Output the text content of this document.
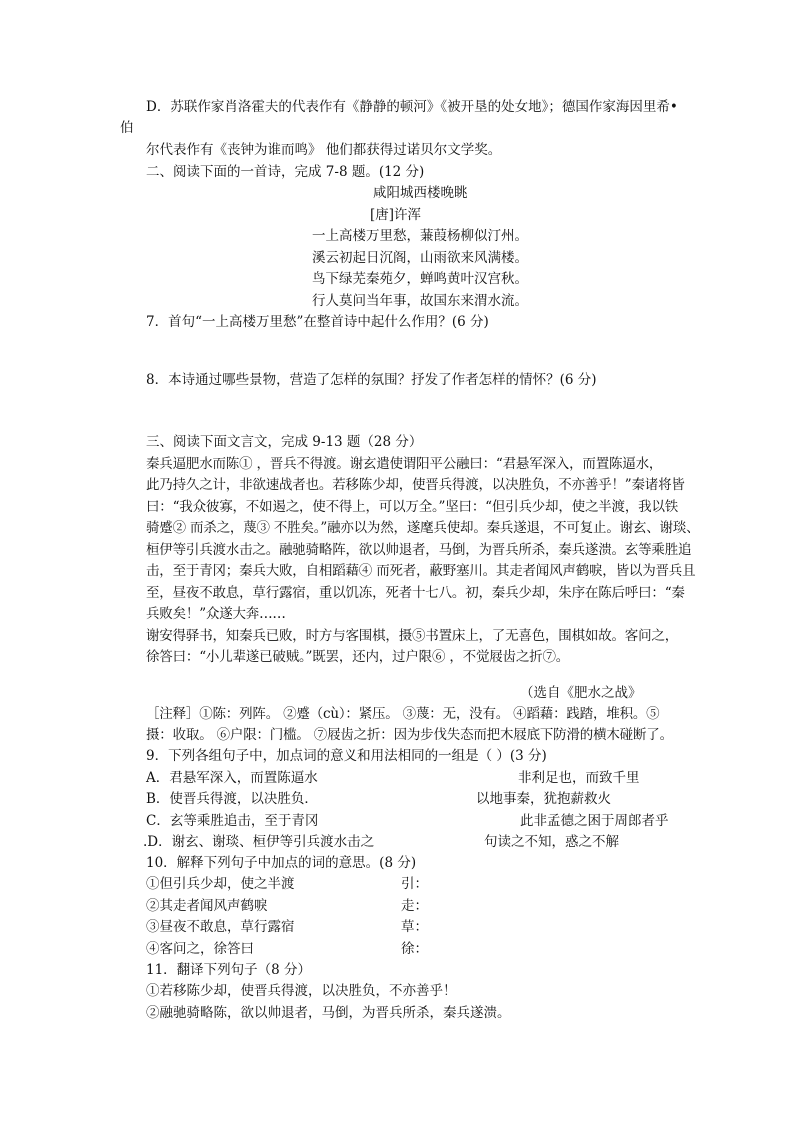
D．苏联作家肖洛霍夫的代表作有《静静的顿河》《被开垦的处女地》；德国作家海因里希•
伯
尔代表作有《丧钟为谁而鸣》 他们都获得过诺贝尔文学奖。
二、阅读下面的一首诗，完成 7-8 题。(12 分)
咸阳城西楼晚眺
[唐]许浑
一上高楼万里愁，蒹葭杨柳似汀州。
溪云初起日沉阁，山雨欲来风满楼。
鸟下绿芜秦苑夕，蝉鸣黄叶汉宫秋。
行人莫问当年事，故国东来渭水流。
7．首句“一上高楼万里愁”在整首诗中起什么作用？(6 分)
8．本诗通过哪些景物，营造了怎样的氛围？抒发了作者怎样的情怀？(6 分)
三、阅读下面文言文，完成 9-13 题（28 分）
秦兵逼肥水而陈① ，晋兵不得渡。谢玄遣使谓阳平公融曰：“君悬军深入，而置陈逼水，
此乃持久之计，非欲速战者也。若移陈少却，使晋兵得渡，以决胜负，不亦善乎！”秦诸将皆
曰：“我众彼寡，不如遏之，使不得上，可以万全。”坚曰：“但引兵少却，使之半渡，我以铁
骑蹙② 而杀之，蔑③ 不胜矣。”融亦以为然，遂麾兵使却。秦兵遂退，不可复止。谢玄、谢琰、
桓伊等引兵渡水击之。融驰骑略阵，欲以帅退者，马倒，为晋兵所杀，秦兵遂溃。玄等乘胜追
击，至于青冈；秦兵大败，自相蹈藉④ 而死者，蔽野塞川。其走者闻风声鹤唳，皆以为晋兵且
至，昼夜不敢息，草行露宿，重以饥冻，死者十七八。初，秦兵少却，朱序在陈后呼曰：“秦
兵败矣！”众遂大奔……
谢安得驿书，知秦兵已败，时方与客围棋，摄⑤书置床上，了无喜色，围棋如故。客问之，
徐答曰：“小儿辈遂已破贼。”既罢，还内，过户限⑥ ，不觉屐齿之折⑦。
（选自《肥水之战》
［注释］①陈：列阵。 ②蹙（cù）：紧压。 ③蔑：无，没有。 ④蹈藉：践踏，堆积。⑤
摄：收取。 ⑥户限：门槛。 ⑦屐齿之折：因为步伐失态而把木屐底下防滑的横木碰断了。
9．下列各组句子中，加点词的意义和用法相同的一组是（ ）(3 分)
A．君悬军深入，而置陈逼水	非利足也，而致千里
B．使晋兵得渡，以决胜负．	以地事秦，犹抱薪救火
C．玄等乘胜追击，至于青冈	此非孟德之困于周郎者乎
.D．谢玄、谢琰、桓伊等引兵渡水击之	句读之不知，惑之不解
10．解释下列句子中加点的词的意思。(8 分)
①但引兵少却，使之半渡	引：
②其走者闻风声鹤唳	走：
③昼夜不敢息，草行露宿	草：
④客问之，徐答曰	徐：
11．翻译下列句子（8 分）
①若移陈少却，使晋兵得渡，以决胜负，不亦善乎！
②融驰骑略陈，欲以帅退者，马倒，为晋兵所杀，秦兵遂溃。
